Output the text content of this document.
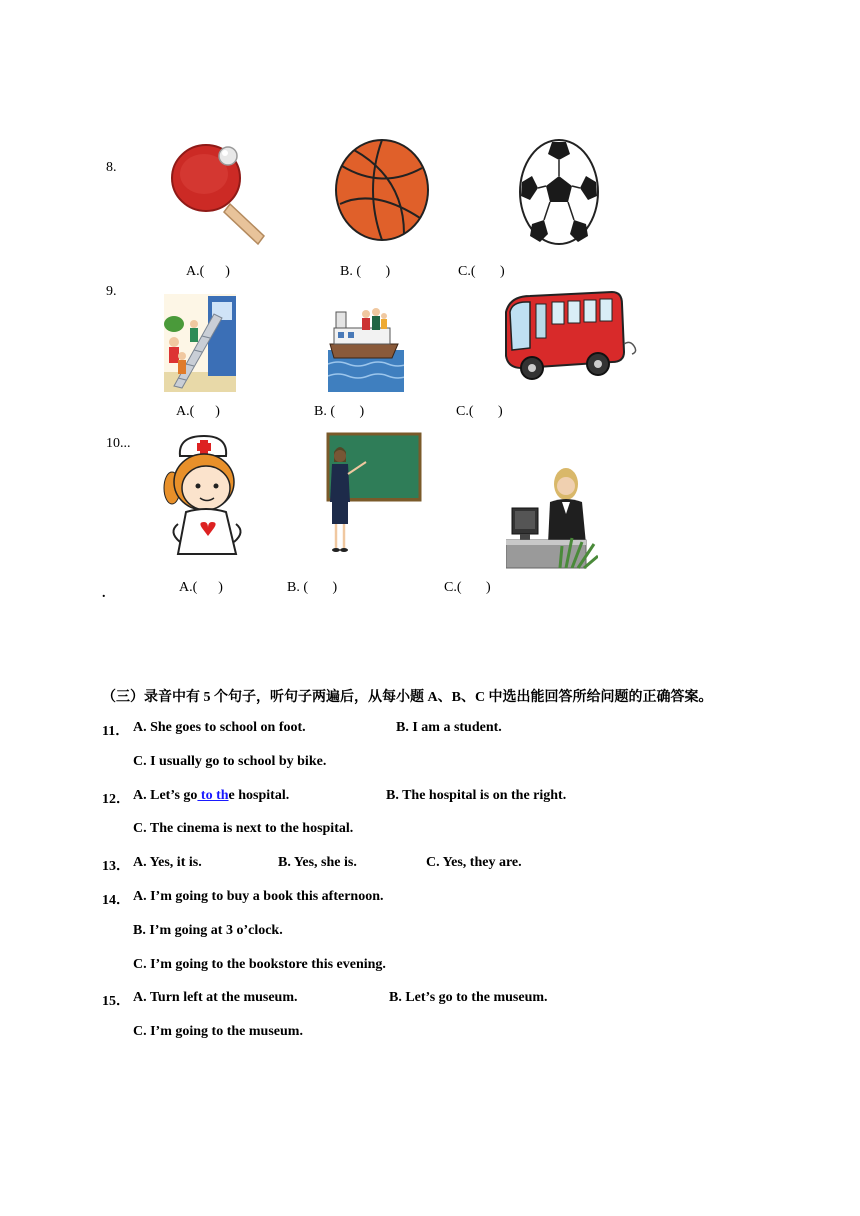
8.
A.(      )	B. (       )	C.(       )
9.
A.(      )	B. (       )	C.(       )
10...
A.(      )	B. (       )	C.(       )
.
（三）录音中有 5 个句子，听句子两遍后，从每小题 A、B、C 中选出能回答所给问题的正确答案。
11． A. She goes to school on foot.	B. I am a student.
C. I usually go to school by bike.
12． A. Let’s go to the hospital.	B. The hospital is on the right.
C. The cinema is next to the hospital.
13． A. Yes, it is.	B. Yes, she is.	C. Yes, they are.
14． A. I’m going to buy a book this afternoon.
B. I’m going at 3 o’clock.
C. I’m going to the bookstore this evening.
15． A. Turn left at the museum.	B. Let’s go to the museum.
C. I’m going to the museum.
